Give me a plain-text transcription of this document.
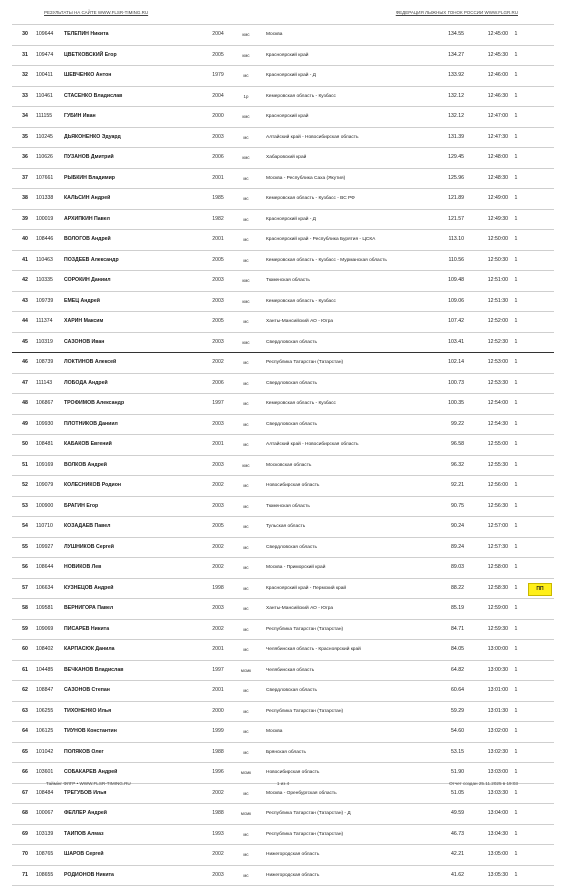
РЕЗУЛЬТАТЫ НА САЙТЕ WWW.FLSR-TIMING.RU	ФЕДЕРАЦИЯ ЛЫЖНЫХ ГОНОК РОССИИ WWW.FLGR.RU
30	109644	ТЕЛЕПИН Никита	2004	кмс	Москва	134.55	12:45:00	1
31	109474	ЦВЕТКОВСКИЙ Егор	2005	кмс	Красноярский край	134.27	12:45:30	1
32	100411	ШЕВЧЕНКО Антон	1979	мс	Красноярский край - Д	133.92	12:46:00	1
33	110461	СТАСЕНКО Владислав	2004	1р	Кемеровская область - Кузбасс	132.12	12:46:30	1
34	111155	ГУБИН Иван	2000	кмс	Красноярский край	132.12	12:47:00	1
35	110245	ДЬЯКОНЕНКО Эдуард	2003	мс	Алтайский край - Новосибирская область	131.39	12:47:30	1
36	110626	ПУЗАНОВ Дмитрий	2006	кмс	Хабаровский край	129.45	12:48:00	1
37	107661	РЫБКИН Владимир	2001	мс	Москва - Республика Саха (Якутия)	125.96	12:48:30	1
38	101338	КАЛЬСИН Андрей	1985	мс	Кемеровская область - Кузбасс - ВС РФ	121.89	12:49:00	1
39	100019	АРХИПКИН Павел	1982	мс	Красноярский край - Д	121.57	12:49:30	1
40	108446	ВОЛОГОВ Андрей	2001	мс	Красноярский край - Республика Бурятия - ЦСКА	113.10	12:50:00	1
41	110463	ПОЗДЕЕВ Александр	2005	мс	Кемеровская область - Кузбасс - Мурманская область	110.56	12:50:30	1
42	110335	СОРОКИН Даниил	2003	кмс	Тюменская область	109.48	12:51:00	1
43	109739	ЕМЕЦ Андрей	2003	кмс	Кемеровская область - Кузбасс	109.06	12:51:30	1
44	111374	ХАРИН Максим	2005	мс	Ханты-Мансийский АО - Югра	107.42	12:52:00	1
45	110319	САЗОНОВ Иван	2003	кмс	Свердловская область	103.41	12:52:30	1
46	108739	ЛОКТИНОВ Алексей	2002	мс	Республика Татарстан (Татарстан)	102.14	12:53:00	1
47	111143	ЛОБОДА Андрей	2006	мс	Свердловская область	100.73	12:53:30	1
48	106867	ТРОФИМОВ Александр	1997	мс	Кемеровская область - Кузбасс	100.35	12:54:00	1
49	109930	ПЛОТНИКОВ Даниил	2003	мс	Свердловская область	99.22	12:54:30	1
50	108481	КАБАКОВ Евгений	2001	мс	Алтайский край - Новосибирская область	96.58	12:55:00	1
51	109169	ВОЛКОВ Андрей	2003	кмс	Московская область	96.32	12:55:30	1
52	109079	КОЛЕСНИКОВ Родион	2002	мс	Новосибирская область	92.21	12:56:00	1
53	100900	БРАГИН Егор	2003	мс	Тюменская область	90.75	12:56:30	1
54	110710	КОЗАДАЕВ Павел	2005	мс	Тульская область	90.24	12:57:00	1
55	109927	ЛУШНИКОВ Сергей	2002	мс	Свердловская область	89.24	12:57:30	1
56	108644	НОВИКОВ Лев	2002	мс	Москва - Приморский край	89.03	12:58:00	1
57	106634	КУЗНЕЦОВ Андрей	1998	мс	Красноярский край - Пермский край	88.22	12:58:30	1	ПП
58	109581	ВЕРНИГОРА Павел	2003	мс	Ханты-Мансийский АО - Югра	85.19	12:59:00	1
59	109069	ПИСАРЕВ Никита	2002	мс	Республика Татарстан (Татарстан)	84.71	12:59:30	1
60	108402	КАРПАСЮК Данила	2001	мс	Челябинская область - Красноярский край	84.05	13:00:00	1
61	104485	ВЕЧКАНОВ Владислав	1997	мсмк	Челябинская область	64.82	13:00:30	1
62	108847	САЗОНОВ Степан	2001	мс	Свердловская область	60.64	13:01:00	1
63	106255	ТИХОНЕНКО Илья	2000	мс	Республика Татарстан (Татарстан)	59.29	13:01:30	1
64	106125	ТИУНОВ Константин	1999	мс	Москва	54.60	13:02:00	1
65	101042	ПОЛЯКОВ Олег	1988	мс	Брянская область	53.15	13:02:30	1
66	103601	СОБАКАРЕВ Андрей	1996	мсмк	Новосибирская область	51.90	13:03:00	1
67	108484	ТРЕГУБОВ Илья	2002	мс	Москва - Оренбургская область	51.05	13:03:30	1
68	100067	ФЕЛЛЕР Андрей	1988	мсмк	Республика Татарстан (Татарстан) - Д	49.59	13:04:00	1
69	103139	ТАИПОВ Алмаз	1993	мс	Республика Татарстан (Татарстан)	46.73	13:04:30	1
70	108765	ШАРОВ Сергей	2002	мс	Нижегородская область	42.21	13:05:00	1
71	108655	РОДИОНОВ Никита	2003	мс	Нижегородская область	41.62	13:05:30	1
Таймінг ФЛГР • WWW.FLSR-TIMING.RU	1 из 4	Отчет создан 25.11.2025 в 19:03
